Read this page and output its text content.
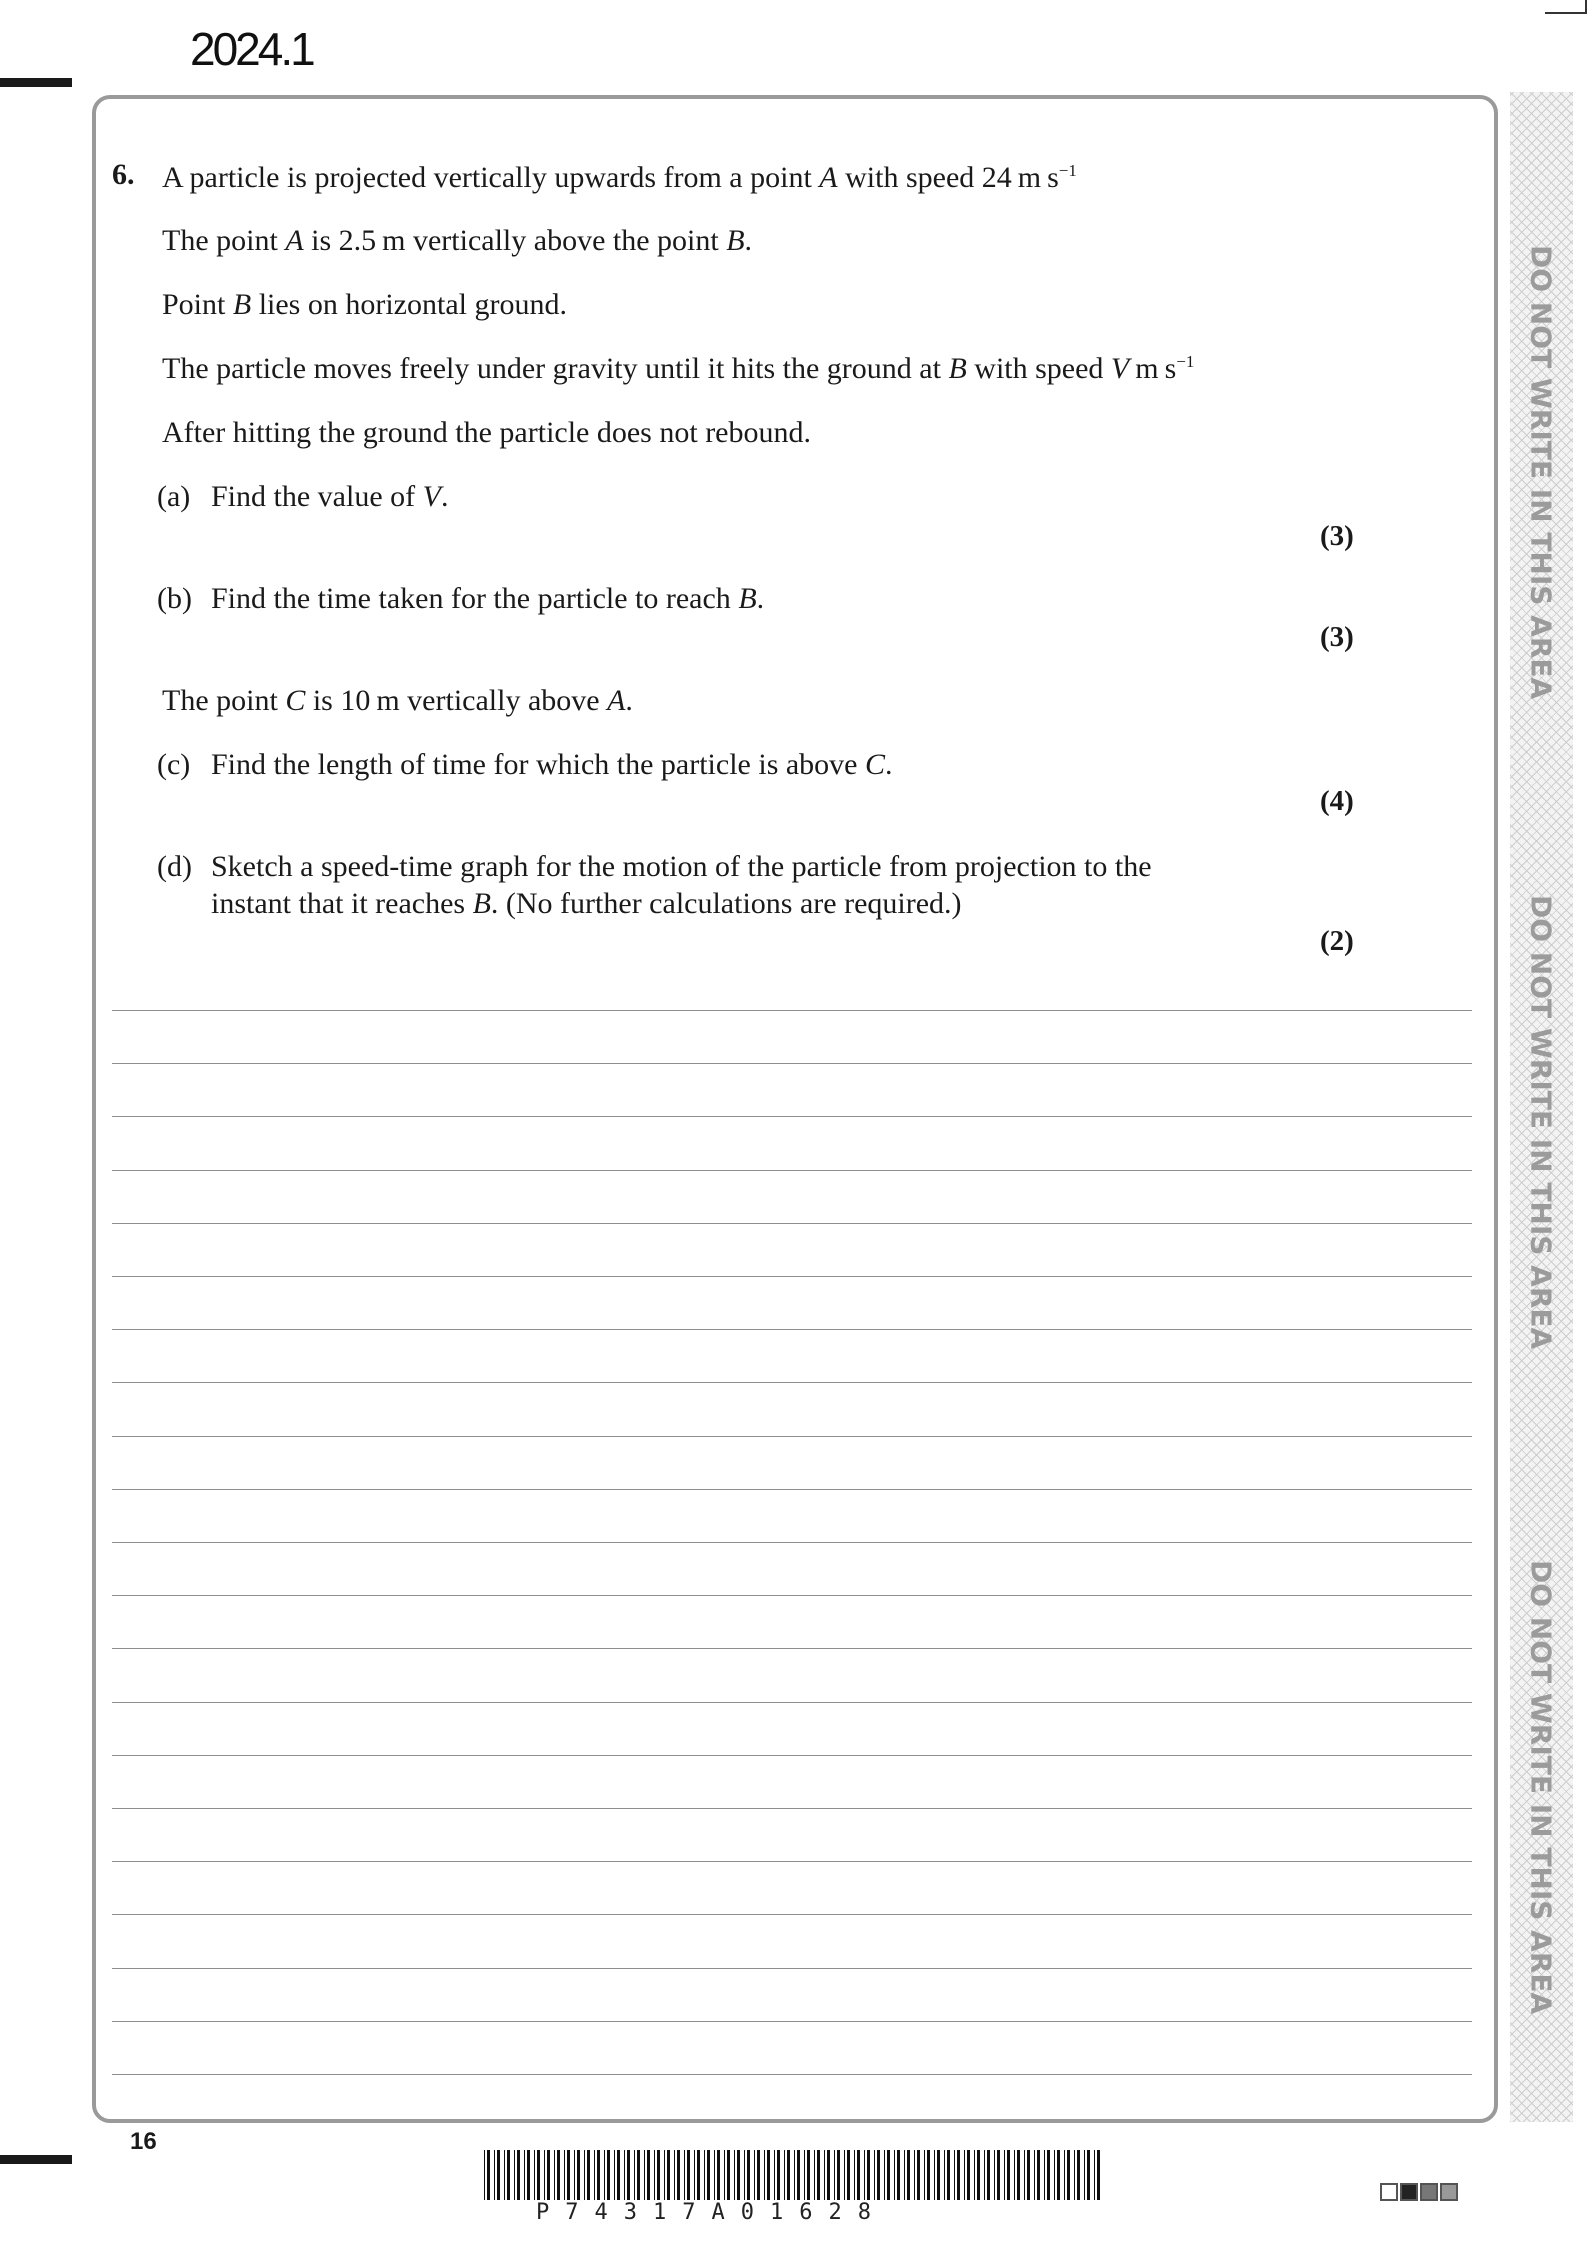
2024.1
DO NOT WRITE IN THIS AREA
DO NOT WRITE IN THIS AREA
DO NOT WRITE IN THIS AREA
6. A particle is projected vertically upwards from a point A with speed 24 m $s^{-1}$
The point A is 2.5 m vertically above the point B.
Point B lies on horizontal ground.
The particle moves freely under gravity until it hits the ground at B with speed V m $s^{-1}$
After hitting the ground the particle does not rebound.
(a) Find the value of V.
(3)
(b) Find the time taken for the particle to reach B.
(3)
The point C is 10 m vertically above A.
(c) Find the length of time for which the particle is above C.
(4)
(d) Sketch a speed-time graph for the motion of the particle from projection to the
instant that it reaches B. (No further calculations are required.)
(2)
16
P74317A01628
